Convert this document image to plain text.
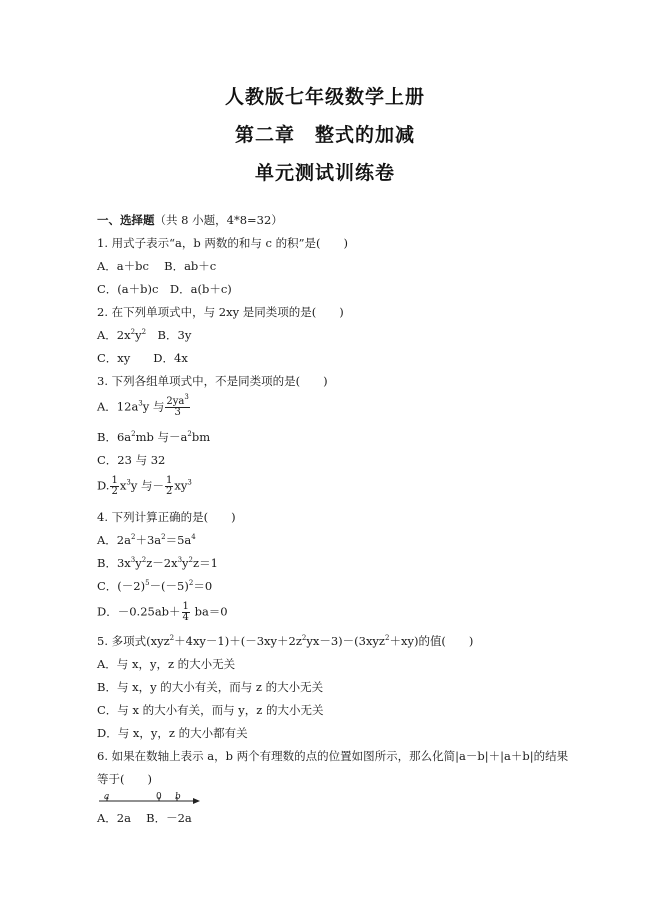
人教版七年级数学上册
第二章　整式的加减
单元测试训练卷
一、选择题（共 8 小题，4*8=32）
1. 用式子表示“a，b 两数的和与 c 的积”是(　　)
A．a＋bc　 B．ab＋c
C．(a＋b)c　D．a(b＋c)
2. 在下列单项式中，与 2xy 是同类项的是(　　)
A．$2x^2y^2$　B．3y
C．xy　　D．4x
3. 下列各组单项式中，不是同类项的是(　　)
A．$12a^3y$ 与 $\frac{2ya^3}{3}$
B．$6a^2mb$ 与$-a^2bm$
C．23 与 32
D. $\frac{1}{2} x^3y$ 与－ $\frac{1}{2} xy^3$
4. 下列计算正确的是(　　)
A．$2a^2+3a^2=5a^4$
B．$3x^3y^2z-2x^3y^2z=1$
C．$(-2)^5-(-5)^2=0$
D．$-0.25ab+ \frac{1}{4} ba=0$
5. 多项式$(xyz^2+4xy-1)+(-3xy+2z^2yx-3)-(3xyz^2+xy)$的值(　　)
A．与 x，y，z 的大小无关
B．与 x，y 的大小有关，而与 z 的大小无关
C．与 x 的大小有关，而与 y，z 的大小无关
D．与 x，y，z 的大小都有关
6. 如果在数轴上表示 a，b 两个有理数的点的位置如图所示，那么化简|a－b|＋|a＋b|的结果
等于(　　)
a	0 b
A．2a　 B．－2a
